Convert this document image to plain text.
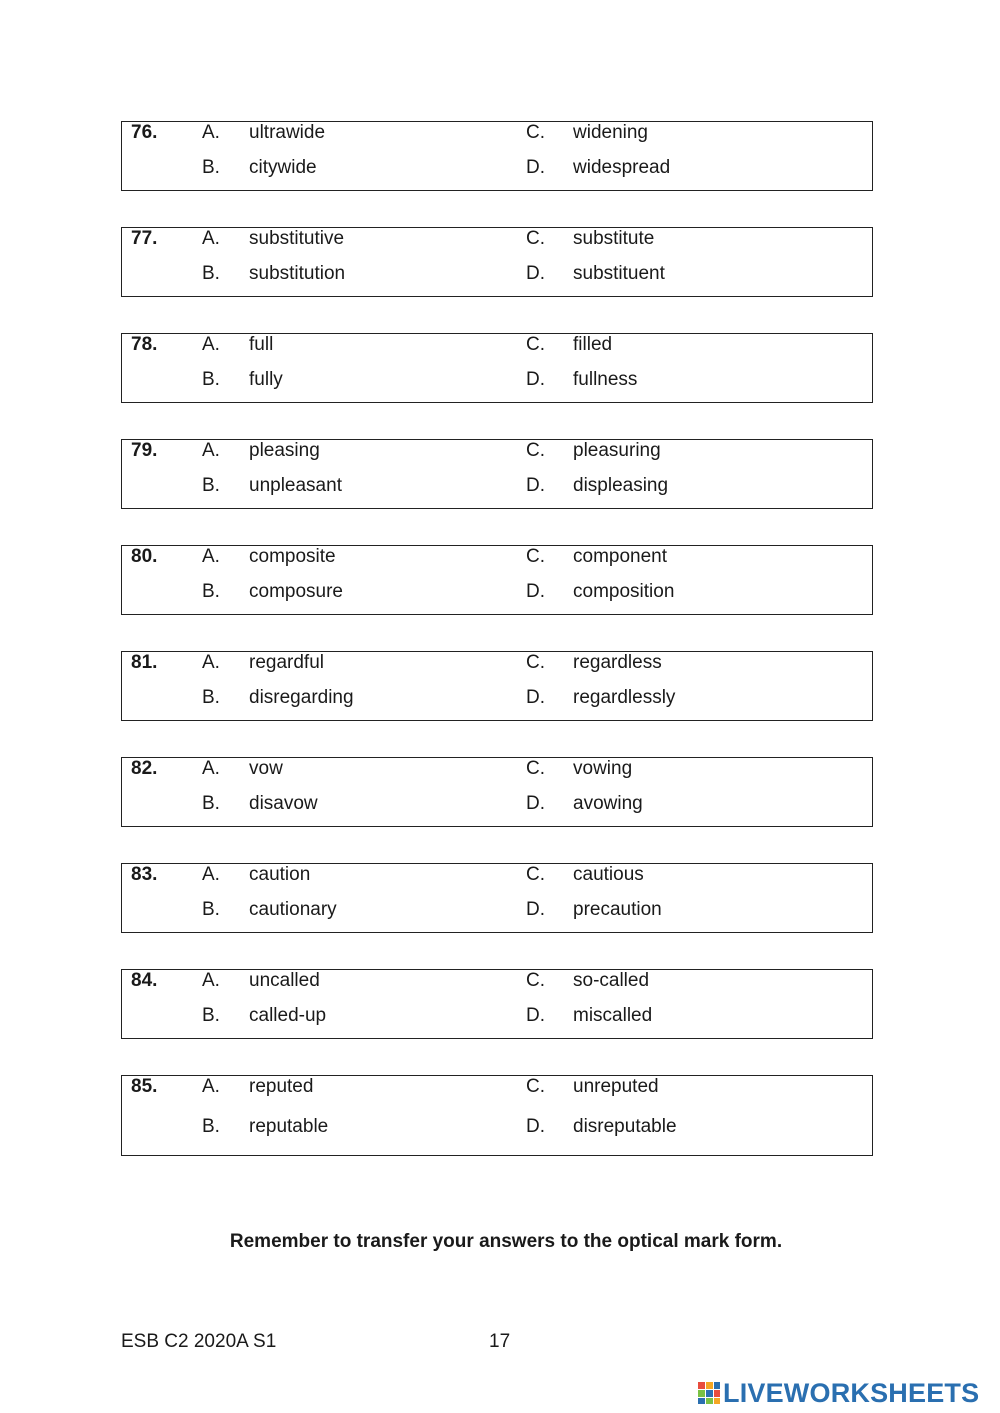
76. A. ultrawide	C. widening
B. citywide	D. widespread
77. A. substitutive	C. substitute
B. substitution	D. substituent
78. A. full	C. filled
B. fully	D. fullness
79. A. pleasing	C. pleasuring
B. unpleasant	D. displeasing
80. A. composite	C. component
B. composure	D. composition
81. A. regardful	C. regardless
B. disregarding	D. regardlessly
82. A. vow	C. vowing
B. disavow	D. avowing
83. A. caution	C. cautious
B. cautionary	D. precaution
84. A. uncalled	C. so-called
B. called-up	D. miscalled
85. A. reputed	C. unreputed
B. reputable	D. disreputable
Remember to transfer your answers to the optical mark form.
ESB C2 2020A S1	17
LIVEWORKSHEETS
